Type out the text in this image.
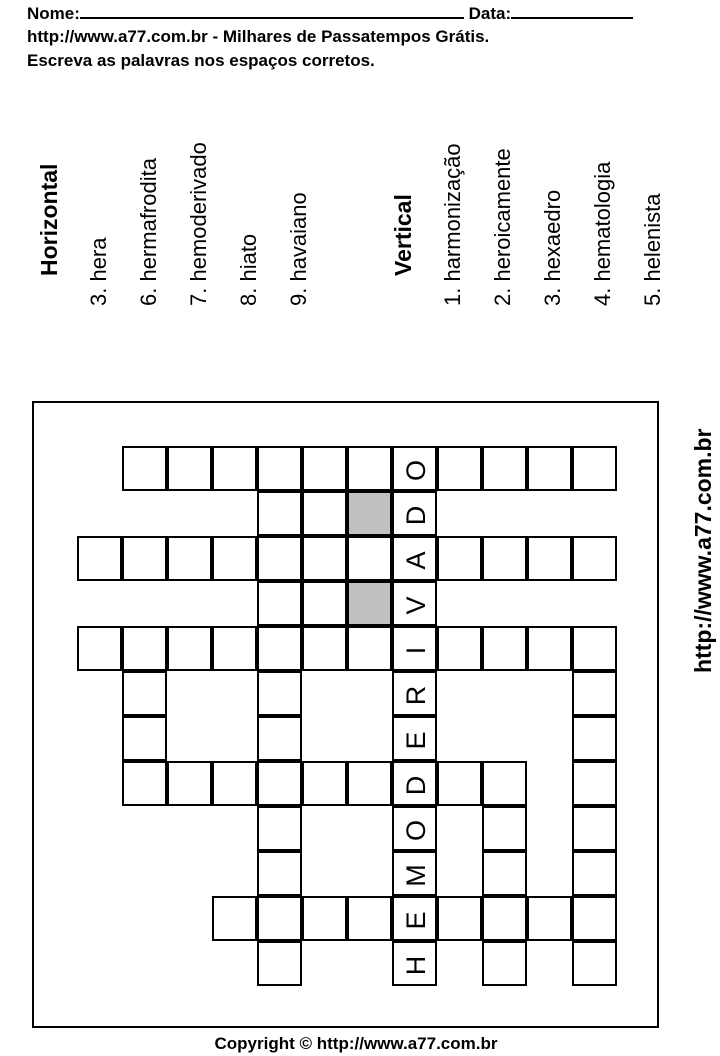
Nome:	Data:
http://www.a77.com.br - Milhares de Passatempos Grátis.
Escreva as palavras nos espaços corretos.
Horizontal 3. hera 6. hermafrodita 7. hemoderivado 8. hiato 9. havaiano	Vertical 1. harmonização 2. heroicamente 3. hexaedro 4. hematologia 5. helenista
O
D
A
V
I
R
E
D
O
M
E
H
http://www.a77.com.br
Copyright © http://www.a77.com.br
